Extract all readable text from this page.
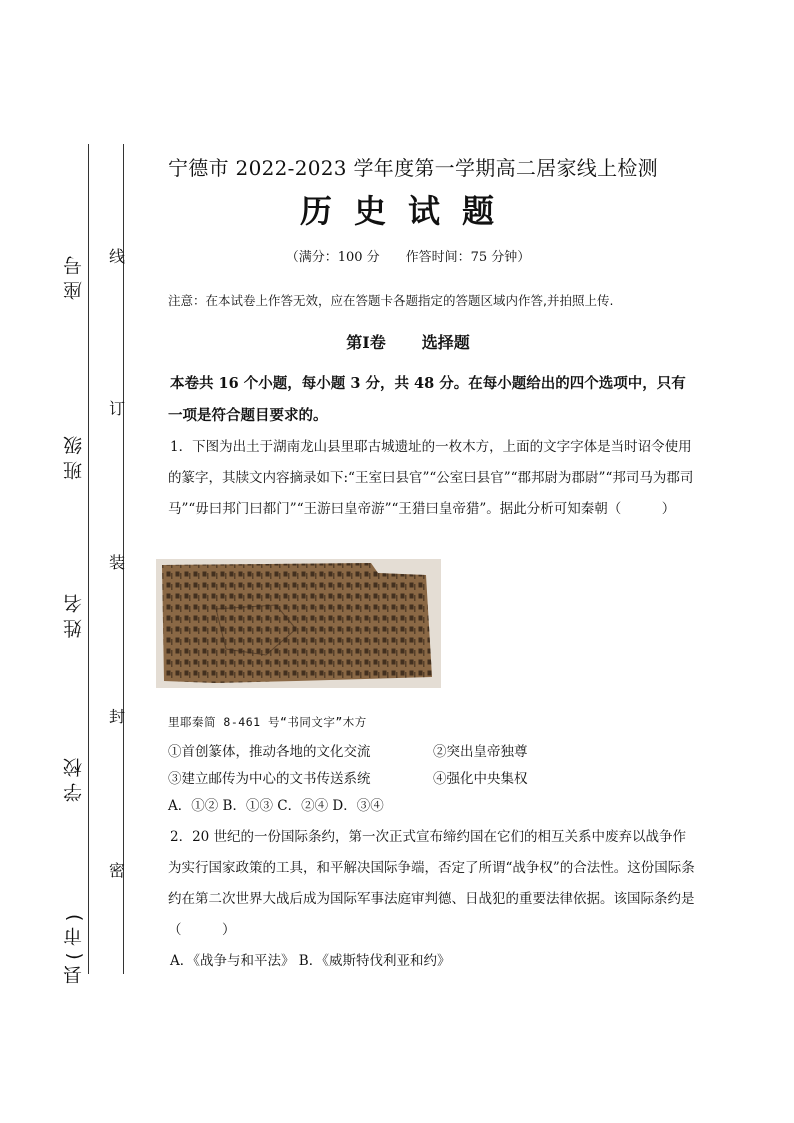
座号
班级
姓名
学校
县(市)
线
订
装
封
密
宁德市 2022-2023 学年度第一学期高二居家线上检测
历史试题
（满分：100 分　　作答时间：75 分钟）
注意：在本试卷上作答无效，应在答题卡各题指定的答题区域内作答,并拍照上传.
第Ⅰ卷 选择题
本卷共 16 个小题，每小题 3 分，共 48 分。在每小题给出的四个选项中，只有一项是符合题目要求的。

1．下图为出土于湖南龙山县里耶古城遗址的一枚木方，上面的文字字体是当时诏令使用的篆字，其牍文内容摘录如下:“王室曰县官”“公室曰县官”“郡邦尉为郡尉”“邦司马为郡司马”“毋曰邦门曰都门”“王游曰皇帝游”“王猎曰皇帝猎”。据此分析可知秦朝（　　　）

里耶秦简 8-461 号“书同文字”木方
①首创篆体，推动各地的文化交流	②突出皇帝独尊
③建立邮传为中心的文书传送系统	④强化中央集权
A．①② B．①③ C．②④ D．③④

2．20 世纪的一份国际条约，第一次正式宣布缔约国在它们的相互关系中废弃以战争作为实行国家政策的工具，和平解决国际争端，否定了所谓“战争权”的合法性。这份国际条约在第二次世界大战后成为国际军事法庭审判德、日战犯的重要法律依据。该国际条约是（　　　）

A．《战争与和平法》 B．《威斯特伐利亚和约》
